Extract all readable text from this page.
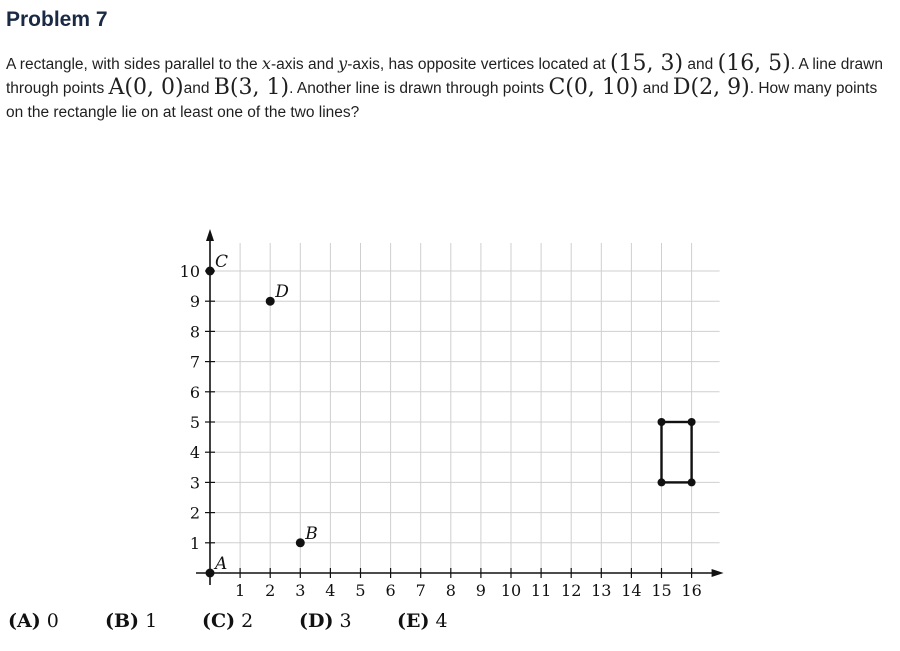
Problem 7
A rectangle, with sides parallel to the x-axis and y-axis, has opposite vertices located at (15, 3) and (16, 5). A line drawn through points A(0, 0)and B(3, 1). Another line is drawn through points C(0, 10) and D(2, 9). How many points on the rectangle lie on at least one of the two lines?
1 2 3 4 5 6 7 8 9 10 11 12 13 14 15 16
1
2
3
4
5
6
7
8
9
10
A
B
C
D
(A) 0 (B) 1 (C) 2 (D) 3 (E) 4
